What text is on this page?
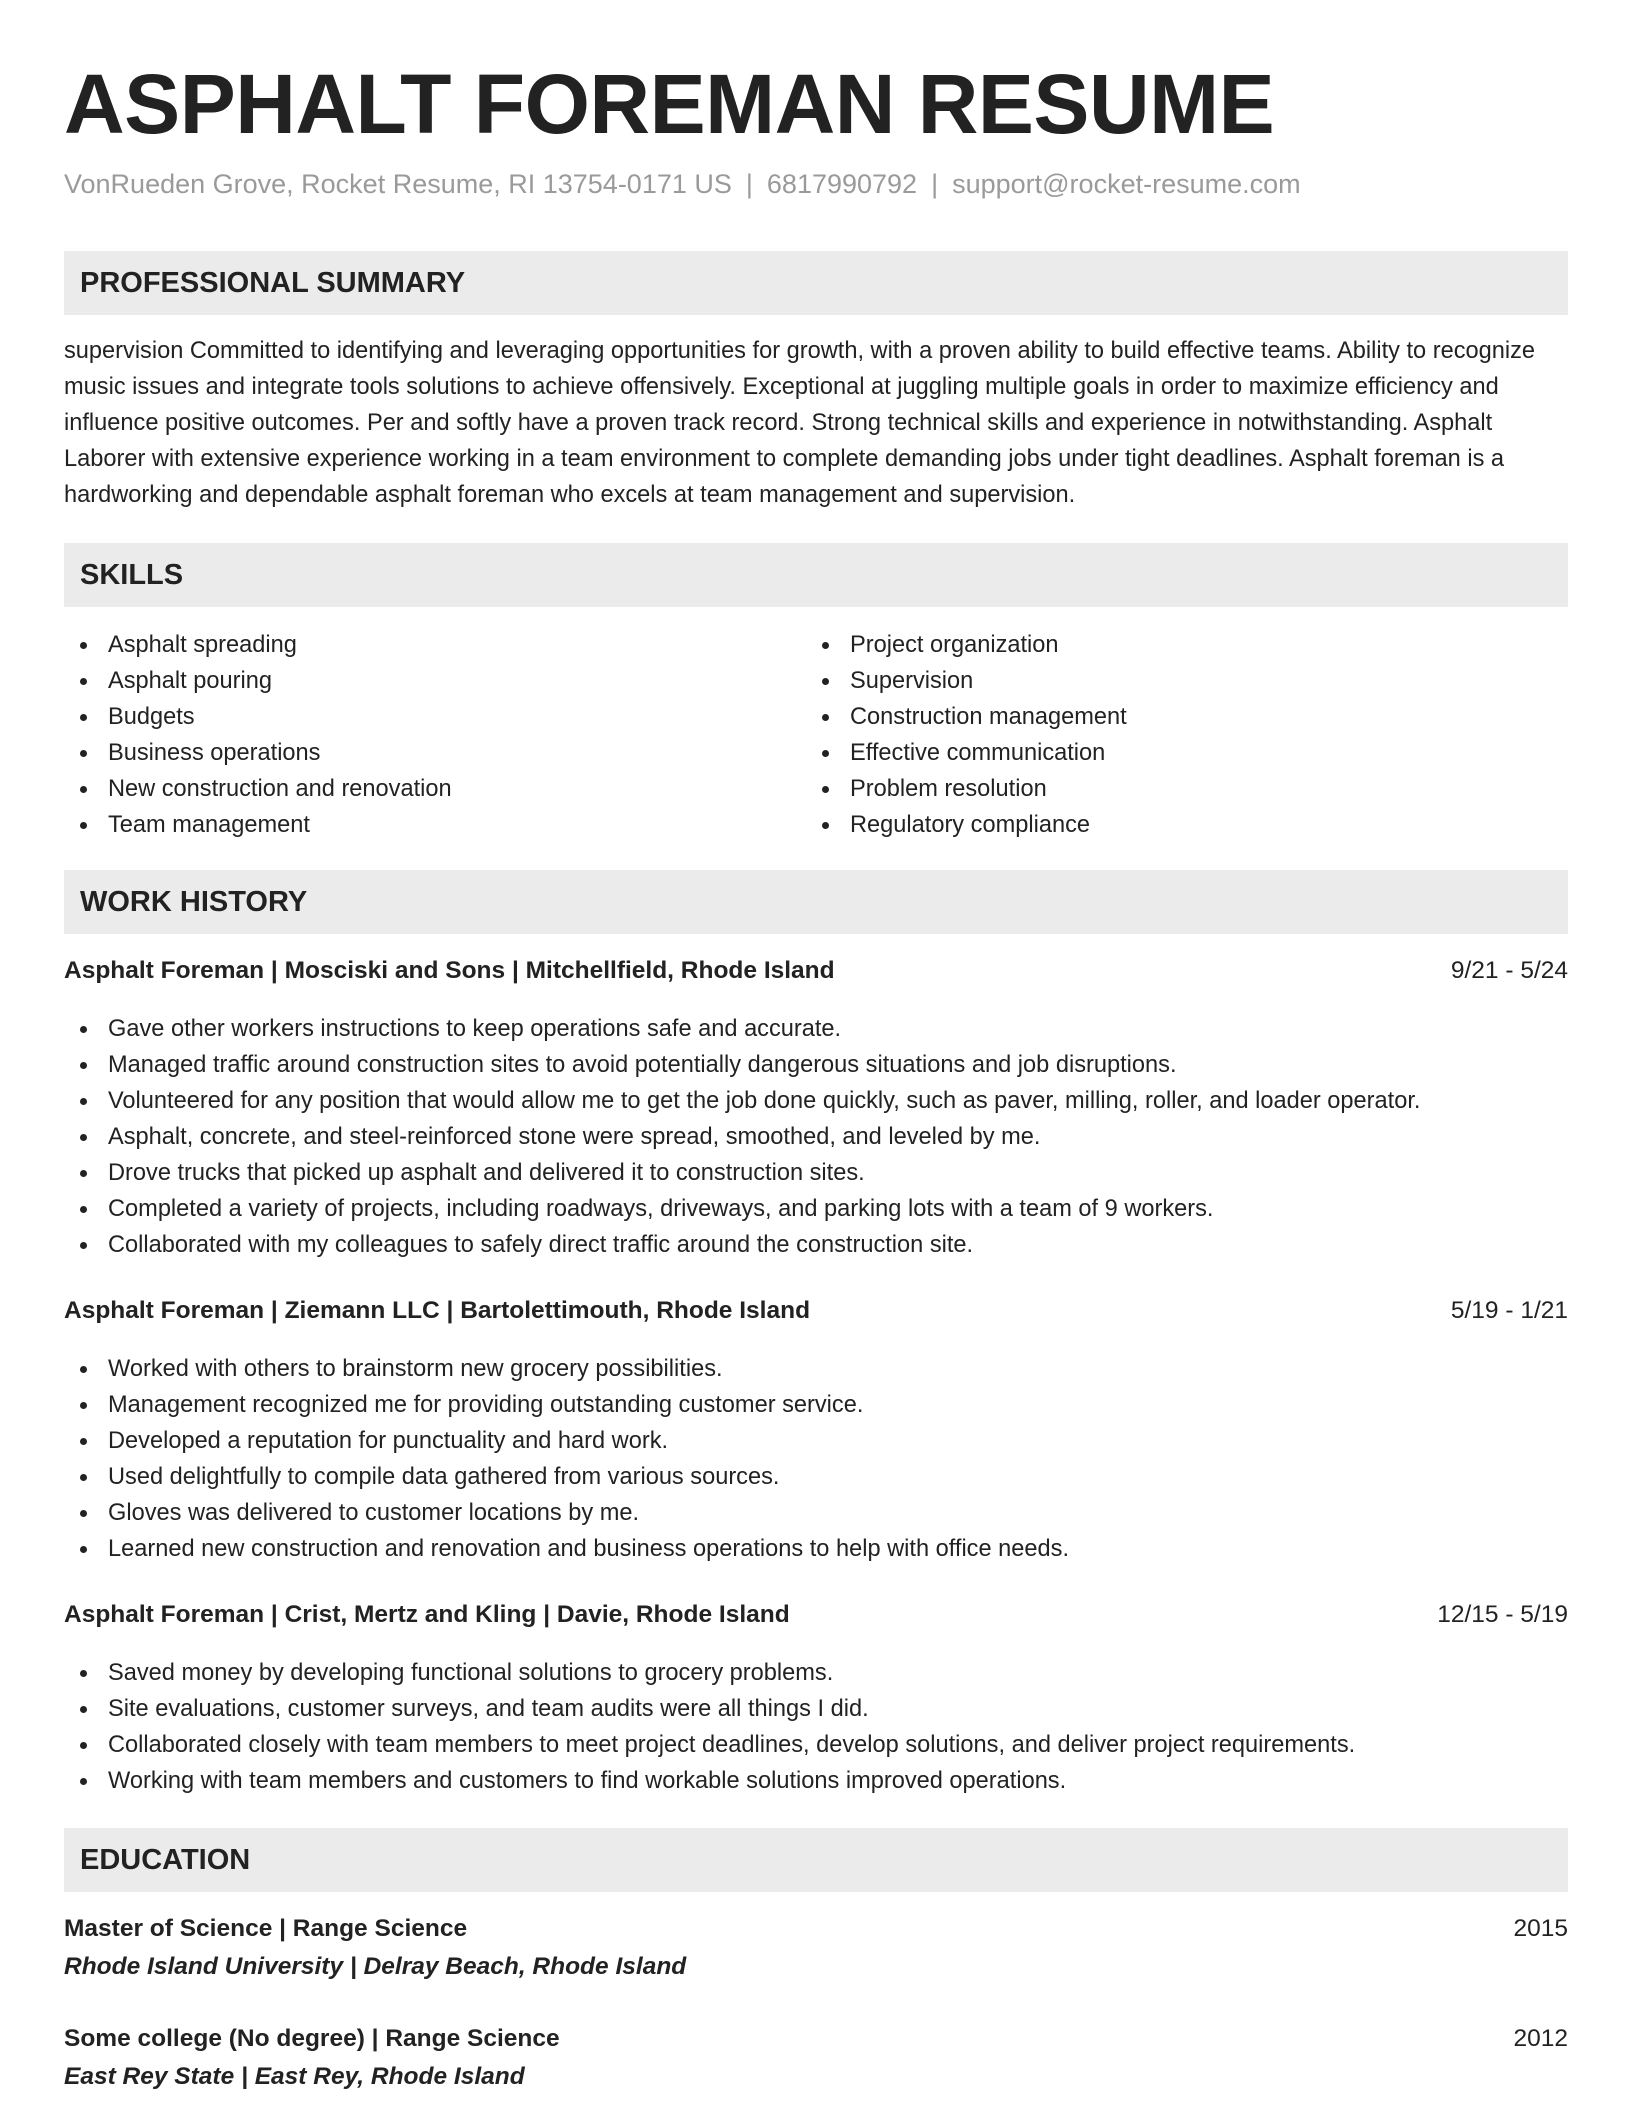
ASPHALT FOREMAN RESUME
VonRueden Grove, Rocket Resume, RI 13754-0171 US | 6817990792 | support@rocket-resume.com
PROFESSIONAL SUMMARY

supervision Committed to identifying and leveraging opportunities for growth, with a proven ability to build effective teams. Ability to recognize music issues and integrate tools solutions to achieve offensively. Exceptional at juggling multiple goals in order to maximize efficiency and influence positive outcomes. Per and softly have a proven track record. Strong technical skills and experience in notwithstanding. Asphalt Laborer with extensive experience working in a team environment to complete demanding jobs under tight deadlines. Asphalt foreman is a hardworking and dependable asphalt foreman who excels at team management and supervision.

SKILLS
Asphalt spreading
Asphalt pouring
Budgets
Business operations
New construction and renovation
Team management
Project organization
Supervision
Construction management
Effective communication
Problem resolution
Regulatory compliance
WORK HISTORY
Asphalt Foreman | Mosciski and Sons | Mitchellfield, Rhode Island	9/21 - 5/24
Gave other workers instructions to keep operations safe and accurate.
Managed traffic around construction sites to avoid potentially dangerous situations and job disruptions.
Volunteered for any position that would allow me to get the job done quickly, such as paver, milling, roller, and loader operator.
Asphalt, concrete, and steel-reinforced stone were spread, smoothed, and leveled by me.
Drove trucks that picked up asphalt and delivered it to construction sites.
Completed a variety of projects, including roadways, driveways, and parking lots with a team of 9 workers.
Collaborated with my colleagues to safely direct traffic around the construction site.
Asphalt Foreman | Ziemann LLC | Bartolettimouth, Rhode Island	5/19 - 1/21
Worked with others to brainstorm new grocery possibilities.
Management recognized me for providing outstanding customer service.
Developed a reputation for punctuality and hard work.
Used delightfully to compile data gathered from various sources.
Gloves was delivered to customer locations by me.
Learned new construction and renovation and business operations to help with office needs.
Asphalt Foreman | Crist, Mertz and Kling | Davie, Rhode Island	12/15 - 5/19
Saved money by developing functional solutions to grocery problems.
Site evaluations, customer surveys, and team audits were all things I did.
Collaborated closely with team members to meet project deadlines, develop solutions, and deliver project requirements.
Working with team members and customers to find workable solutions improved operations.
EDUCATION
Master of Science | Range Science	2015
Rhode Island University | Delray Beach, Rhode Island
Some college (No degree) | Range Science	2012
East Rey State | East Rey, Rhode Island
